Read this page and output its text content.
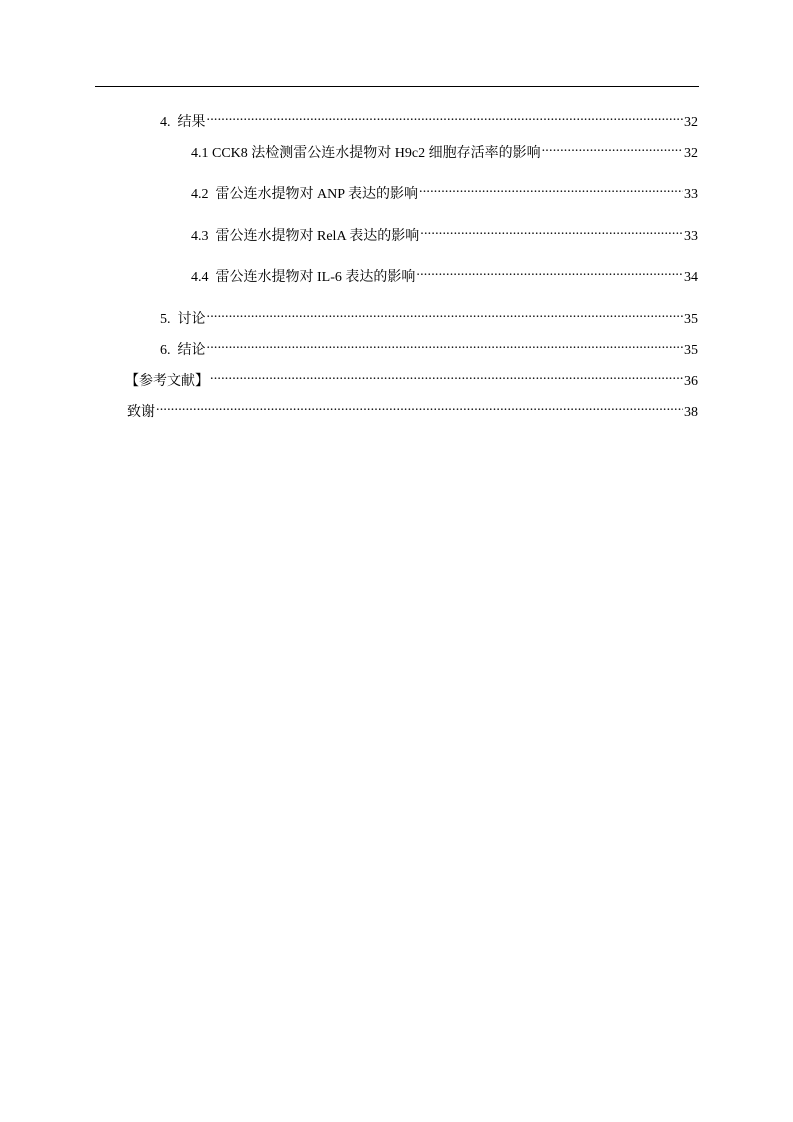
4.  结果 .....	32
4.1 CCK8 法检测雷公连水提物对 H9c2 细胞存活率的影响 .....	32
4.2  雷公连水提物对 ANP 表达的影响 .....	33
4.3  雷公连水提物对 RelA 表达的影响 .....	33
4.4  雷公连水提物对 IL-6 表达的影响 .....	34
5.  讨论 .....	35
6.  结论 .....	35
【参考文献】 .....	36
致谢 .....	38
